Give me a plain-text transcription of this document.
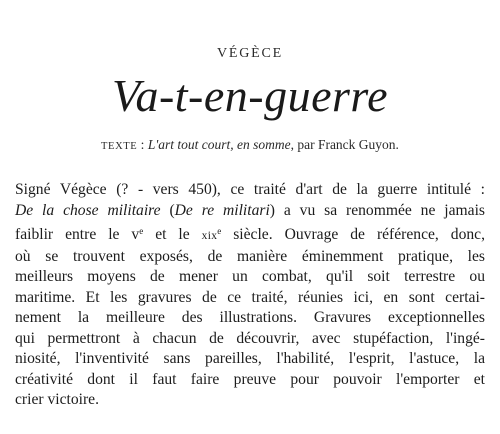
VÉGÈCE
Va-t-en-guerre
TEXTE : L'art tout court, en somme, par Franck Guyon.
Signé Végèce (? - vers 450), ce traité d'art de la guerre intitulé :
De la chose militaire (De re militari) a vu sa renommée ne jamais
faiblir entre le $v^e$ et le xix$^e$ siècle. Ouvrage de référence, donc,
où se trouvent exposés, de manière éminemment pratique, les
meilleurs moyens de mener un combat, qu'il soit terrestre ou
maritime. Et les gravures de ce traité, réunies ici, en sont certai-
nement la meilleure des illustrations. Gravures exceptionnelles
qui permettront à chacun de découvrir, avec stupéfaction, l'ingé-
niosité, l'inventivité sans pareilles, l'habilité, l'esprit, l'astuce, la
créativité dont il faut faire preuve pour pouvoir l'emporter et
crier victoire.
